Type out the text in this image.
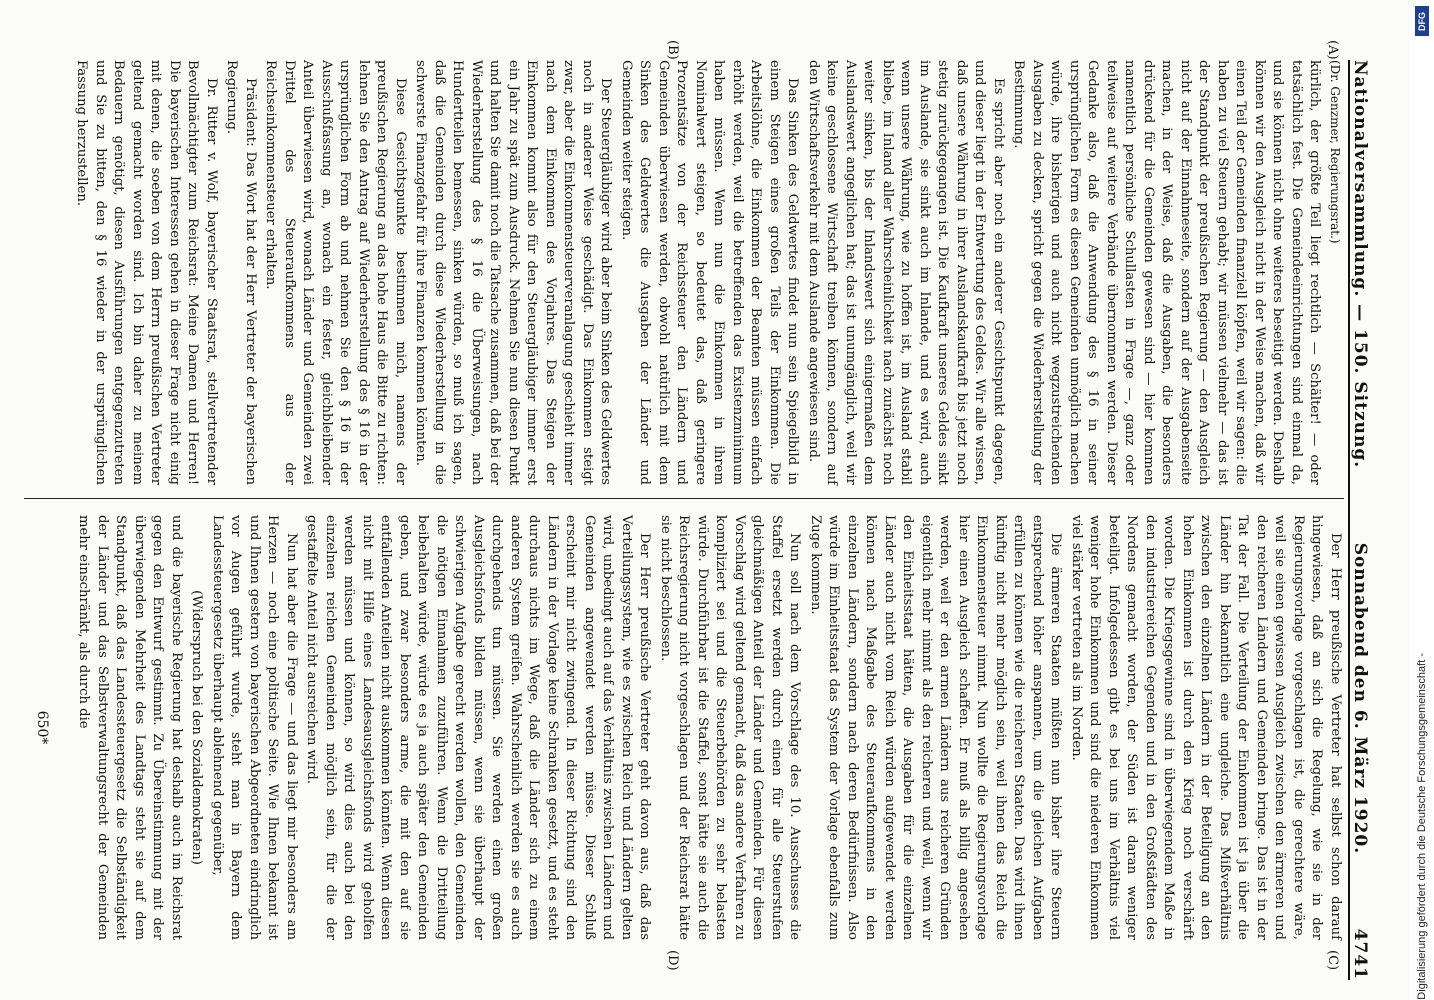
Nationalversammlung. — 150. Sitzung.
Sonnabend den 6. März 1920.
4741
(A)
(B)
(C)
(D)
(Dr. Genzmer, Regierungsrat.)

kürlich, der größte Teil liegt rechtlich — Schälter! — oder tatsächlich fest. Die Gemeindeeinrichtungen sind einmal da, und sie können nicht ohne weiteres beseitigt werden. Deshalb können wir den Ausgleich nicht in der Weise machen, daß wir einen Teil der Gemeinden finanziell köpfen, weil wir sagen: die haben zu viel Steuern gehabt; wir müssen vielmehr — das ist der Standpunkt der preußischen Regierung — den Ausgleich nicht auf der Einnahmeseite, sondern auf der Ausgabenseite machen, in der Weise, daß die Ausgaben, die besonders drückend für die Gemeinden gewesen sind — hier kommen namentlich persönliche Schullasten in Frage —, ganz oder teilweise auf weitere Verbände übernommen werden. Dieser Gedanke also, daß die Anwendung des § 16 in seiner ursprünglichen Form es diesen Gemeinden unmöglich machen würde, ihre bisherigen und auch nicht wegzustreichenden Ausgaben zu decken, spricht gegen die Wiederherstellung der Bestimmung.

Es spricht aber noch ein anderer Gesichtspunkt dagegen, und dieser liegt in der Entwertung des Geldes. Wir alle wissen, daß unsere Währung in ihrer Auslandskaufkraft bis jetzt noch stetig zurückgegangen ist. Die Kaufkraft unseres Geldes sinkt im Auslande, sie sinkt auch im Inlande, und es wird, auch wenn unsere Währung, wie zu hoffen ist, im Ausland stabil bliebe, im Inland aller Wahrscheinlichkeit nach zunächst noch weiter sinken, bis der Inlandswert sich einigermaßen dem Auslandswert angeglichen hat; das ist unumgänglich, weil wir keine geschlossene Wirtschaft treiben können, sondern auf den Wirtschaftsverkehr mit dem Auslande angewiesen sind.

Das Sinken des Geldwertes findet nun sein Spiegelbild in einem Steigen eines großen Teils der Einkommen. Die Arbeitslöhne, die Einkommen der Beamten müssen einfach erhöht werden, weil die betreffenden das Existenzminimum haben müssen. Wenn nun die Einkommen in ihrem Nominalwert steigen, so bedeutet das, daß geringere Prozentsätze von der Reichssteuer den Ländern und Gemeinden überwiesen werden, obwohl natürlich mit dem Sinken des Geldwertes die Ausgaben der Länder und Gemeinden weiter steigen.

Der Steuergläubiger wird aber beim Sinken des Geldwertes noch in anderer Weise geschädigt. Das Einkommen steigt zwar, aber die Einkommensteuerveranlagung geschieht immer nach dem Einkommen des Vorjahres. Das Steigen der Einkommen kommt also für den Steuergläubiger immer erst ein Jahr zu spät zum Ausdruck. Nehmen Sie nun diesen Punkt und halten Sie damit noch die Tatsache zusammen, daß bei der Wiederherstellung des § 16 die Überweisungen, nach Hundertteilen bemessen, sinken würden, so muß ich sagen, daß die Gemeinden durch diese Wiederherstellung in die schwerste Finanzgefahr für ihre Finanzen kommen könnten.

Diese Gesichtspunkte bestimmen mich, namens der preußischen Regierung an das hohe Haus die Bitte zu richten: lehnen Sie den Antrag auf Wiederherstellung des § 16 in der ursprünglichen Form ab und nehmen Sie den § 16 in der Ausschußfassung an, wonach ein fester, gleichbleibender Anteil überwiesen wird, wonach Länder und Gemeinden zwei Drittel des Steueraufkommens aus der Reichseinkommensteuer erhalten.

Präsident: Das Wort hat der Herr Vertreter der bayerischen Regierung.

Dr. Ritter v. Wolf, bayerischer Staatsrat, stellvertretender Bevollmächtigter zum Reichsrat: Meine Damen und Herren! Die bayerischen Interessen gehen in dieser Frage nicht einig mit denen, die soeben von dem Herrn preußischen Vertreter geltend gemacht worden sind. Ich bin daher zu meinem Bedauern genötigt, diesen Ausführungen entgegenzutreten und Sie zu bitten, den § 16 wieder in der ursprünglichen Fassung herzustellen.

Der Herr preußische Vertreter hat selbst schon darauf hingewiesen, daß an sich die Regelung, wie sie in der Regierungsvorlage vorgeschlagen ist, die gerechtere wäre, weil sie einen gewissen Ausgleich zwischen den ärmeren und den reicheren Ländern und Gemeinden bringe. Das ist in der Tat der Fall. Die Verteilung der Einkommen ist ja über die Länder hin bekanntlich eine ungleiche. Das Mißverhältnis zwischen den einzelnen Ländern in der Beteiligung an den hohen Einkommen ist durch den Krieg noch verschärft worden. Die Kriegsgewinne sind in überwiegendem Maße in den industriereichen Gegenden und in den Großstädten des Nordens gemacht worden, der Süden ist daran weniger beteiligt. Infolgedessen gibt es bei uns im Verhältnis viel weniger hohe Einkommen und sind die niederen Einkommen viel stärker vertreten als im Norden.

Die ärmeren Staaten müßten nun bisher ihre Steuern entsprechend höher anspannen, um die gleichen Aufgaben erfüllen zu können wie die reicheren Staaten. Das wird ihnen künftig nicht mehr möglich sein, weil ihnen das Reich die Einkommensteuer nimmt. Nun wollte die Regierungsvorlage hier einen Ausgleich schaffen. Er muß als billig angesehen werden, weil er den armen Ländern aus reicheren Gründen eigentlich mehr nimmt als den reicheren und weil, wenn wir den Einheitsstaat hätten, die Ausgaben für die einzelnen Länder auch nicht vom Reich würden aufgewendet werden können nach Maßgabe des Steueraufkommens in den einzelnen Ländern, sondern nach deren Bedürfnissen. Also würde im Einheitsstaat das System der Vorlage ebenfalls zum Zuge kommen.

Nun soll nach dem Vorschlage des 10. Ausschusses die Staffel ersetzt werden durch einen für alle Steuerstufen gleichmäßigen Anteil der Länder und Gemeinden. Für diesen Vorschlag wird geltend gemacht, daß das andere Verfahren zu kompliziert sei und die Steuerbehörden zu sehr belasten würde. Durchführbar ist die Staffel, sonst hätte sie auch die Reichsregierung nicht vorgeschlagen und der Reichsrat hätte sie nicht beschlossen.

Der Herr preußische Vertreter geht davon aus, daß das Verteilungssystem, wie es zwischen Reich und Ländern gelten wird, unbedingt auch auf das Verhältnis zwischen Ländern und Gemeinden angewendet werden müsse. Dieser Schluß erscheint mir nicht zwingend. In dieser Richtung sind den Ländern in der Vorlage keine Schranken gesetzt, und es steht durchaus nichts im Wege, daß die Länder sich zu einem anderen System greifen. Wahrscheinlich werden sie es auch durchgehends tun müssen. Sie werden einen großen Ausgleichsfonds bilden müssen, wenn sie überhaupt der schwierigen Aufgabe gerecht werden wollen, den Gemeinden die nötigen Einnahmen zuzuführen. Wenn die Dritteilung beibehalten würde, würde es ja auch später den Gemeinden geben, und zwar besonders arme, die mit den auf sie entfallenden Anteilen nicht auskommen könnten. Wenn diesen nicht mit Hilfe eines Landesausgleichsfonds wird geholfen werden müssen und können, so wird dies auch bei den einzelnen reichen Gemeinden möglich sein, für die der gestaffelte Anteil nicht ausreichen wird.

Nun hat aber die Frage — und das liegt mir besonders am Herzen — noch eine politische Seite. Wie Ihnen bekannt ist und Ihnen gestern von bayerischen Abgeordneten eindringlich vor Augen geführt wurde, steht man in Bayern dem Landessteuergesetz überhaupt ablehnend gegenüber,

(Widerspruch bei den Sozialdemokraten)

und die bayerische Regierung hat deshalb auch im Reichsrat gegen den Entwurf gestimmt. Zu Übereinstimmung mit der überwiegenden Mehrheit des Landtags steht sie auf dem Standpunkt, daß das Landessteuergesetz die Selbständigkeit der Länder und das Selbstverwaltungsrecht der Gemeinden mehr einschränkt, als durch die

650*
DFG
Digitalisierung gefördert durch die Deutsche Forschungsgemeinschaft -
